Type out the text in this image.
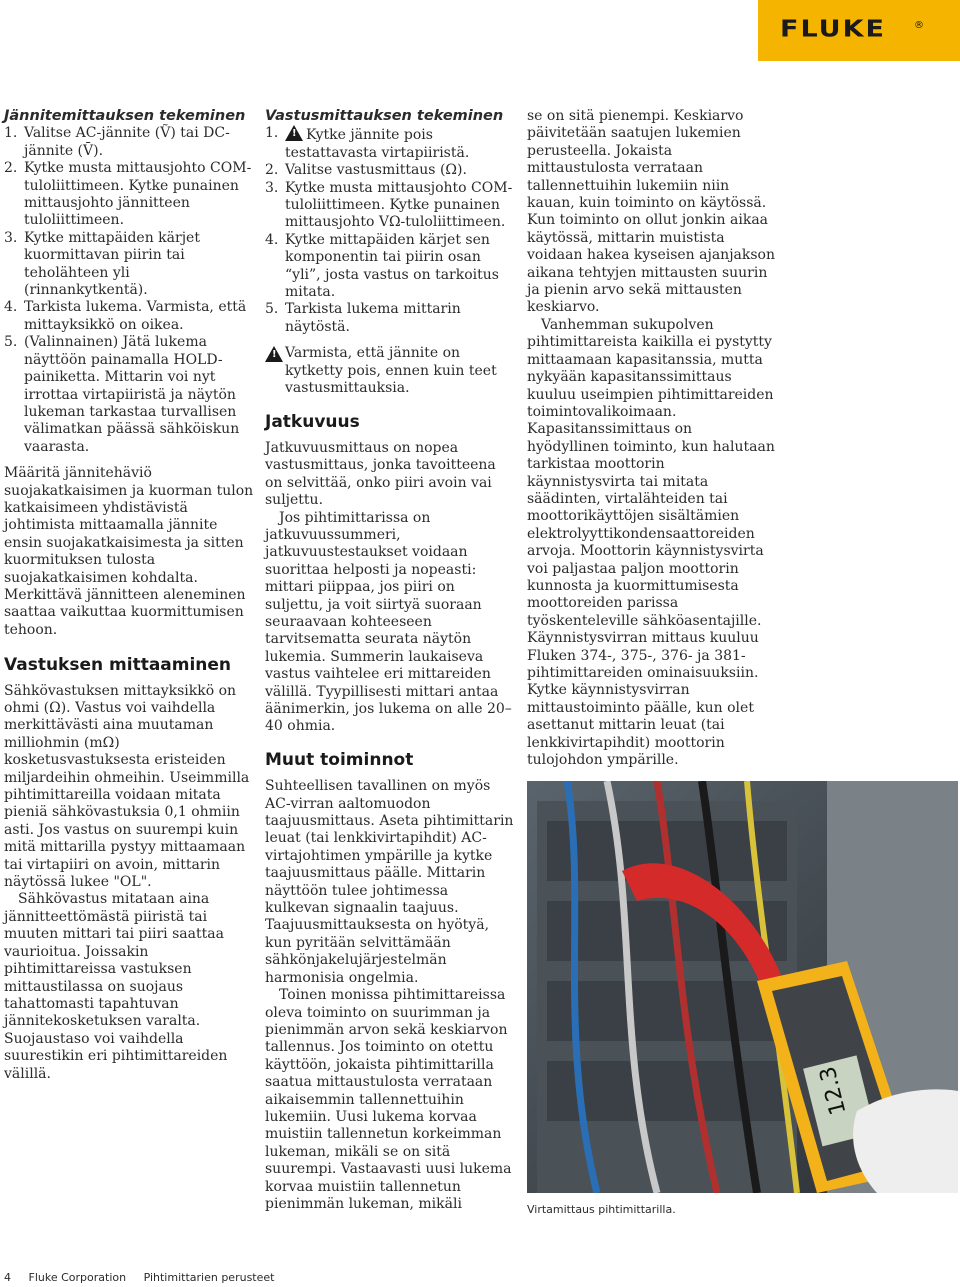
FLUKE	®

Jännitemittauksen tekeminen

1. Valitse AC-jännite (Ṽ) tai DC-jännite (V̄).
2. Kytke musta mittausjohto COM-tuloliittimeen. Kytke punainen mittausjohto jännitteen tuloliittimeen.
3. Kytke mittapäiden kärjet kuormittavan piirin tai teholähteen yli (rinnankytkentä).
4. Tarkista lukema. Varmista, että mittayksikkö on oikea.
5. (Valinnainen) Jätä lukema näyttöön painamalla HOLD-painiketta. Mittarin voi nyt irrottaa virtapiiristä ja näytön lukeman tarkastaa turvallisen välimatkan päässä sähköiskun vaarasta.

Määritä jännitehäviö suojakatkaisimen ja kuorman tulon katkaisimeen yhdistävistä johtimista mittaamalla jännite ensin suojakatkaisimesta ja sitten kuormituksen tulosta suojakatkaisimen kohdalta. Merkittävä jännitteen aleneminen saattaa vaikuttaa kuormittumisen tehoon.

Vastuksen mittaaminen

Sähkövastuksen mittayksikkö on ohmi (Ω). Vastus voi vaihdella merkittävästi aina muutaman milliohmin (mΩ) kosketusvastuksesta eristeiden miljardeihin ohmeihin. Useimmilla pihtimittareilla voidaan mitata pieniä sähkövastuksia 0,1 ohmiin asti. Jos vastus on suurempi kuin mitä mittarilla pystyy mittaamaan tai virtapiiri on avoin, mittarin näytössä lukee "OL".

Sähkövastus mitataan aina jännitteettömästä piiristä tai muuten mittari tai piiri saattaa vaurioitua. Joissakin pihtimittareissa vastuksen mittaustilassa on suojaus tahattomasti tapahtuvan jännitekosketuksen varalta. Suojaustaso voi vaihdella suurestikin eri pihtimittareiden välillä.

Vastusmittauksen tekeminen

1.
! Kytke jännite pois testattavasta virtapiiristä.
2. Valitse vastusmittaus (Ω).
3. Kytke musta mittausjohto COM-tuloliittimeen. Kytke punainen mittausjohto VΩ-tuloliittimeen.
4. Kytke mittapäiden kärjet sen komponentin tai piirin osan “yli”, josta vastus on tarkoitus mitata.
5. Tarkista lukema mittarin näytöstä.

!
Varmista, että jännite on kytketty pois, ennen kuin teet vastusmittauksia.

Jatkuvuus

Jatkuvuusmittaus on nopea vastusmittaus, jonka tavoitteena on selvittää, onko piiri avoin vai suljettu.

Jos pihtimittarissa on jatkuvuussummeri, jatkuvuustestaukset voidaan suorittaa helposti ja nopeasti: mittari piippaa, jos piiri on suljettu, ja voit siirtyä suoraan seuraavaan kohteeseen tarvitsematta seurata näytön lukemia. Summerin laukaiseva vastus vaihtelee eri mittareiden välillä. Tyypillisesti mittari antaa äänimerkin, jos lukema on alle 20–40 ohmia.

Muut toiminnot

Suhteellisen tavallinen on myös AC-virran aaltomuodon taajuusmittaus. Aseta pihtimittarin leuat (tai lenkkivirtapihdit) AC-virtajohtimen ympärille ja kytke taajuusmittaus päälle. Mittarin näyttöön tulee johtimessa kulkevan signaalin taajuus. Taajuusmittauksesta on hyötyä, kun pyritään selvittämään sähkönjakelujärjestelmän harmonisia ongelmia.

Toinen monissa pihtimittareissa oleva toiminto on suurimman ja pienimmän arvon sekä keskiarvon tallennus. Jos toiminto on otettu käyttöön, jokaista pihtimittarilla saatua mittaustulosta verrataan aikaisemmin tallennettuihin lukemiin. Uusi lukema korvaa muistiin tallennetun korkeimman lukeman, mikäli se on sitä suurempi. Vastaavasti uusi lukema korvaa muistiin tallennetun pienimmän lukeman, mikäli

se on sitä pienempi. Keskiarvo päivitetään saatujen lukemien perusteella. Jokaista mittaustulosta verrataan tallennettuihin lukemiin niin kauan, kuin toiminto on käytössä. Kun toiminto on ollut jonkin aikaa käytössä, mittarin muistista voidaan hakea kyseisen ajanjakson aikana tehtyjen mittausten suurin ja pienin arvo sekä mittausten keskiarvo.

Vanhemman sukupolven pihtimittareista kaikilla ei pystytty mittaamaan kapasitanssia, mutta nykyään kapasitanssimittaus kuuluu useimpien pihtimittareiden toimintovalikoimaan. Kapasitanssimittaus on hyödyllinen toiminto, kun halutaan tarkistaa moottorin käynnistysvirta tai mitata säädinten, virtalähteiden tai moottorikäyttöjen sisältämien elektrolyyttikondensaattoreiden arvoja. Moottorin käynnistysvirta voi paljastaa paljon moottorin kunnosta ja kuormittumisesta moottoreiden parissa työskenteleville sähköasentajille. Käynnistysvirran mittaus kuuluu Fluken 374-, 375-, 376- ja 381-pihtimittareiden ominaisuuksiin. Kytke käynnistysvirran mittaustoiminto päälle, kun olet asettanut mittarin leuat (tai lenkkivirtapihdit) moottorin tulojohdon ympärille.

12.3
Virtamittaus pihtimittarilla.
4 Fluke Corporation Pihtimittarien perusteet
